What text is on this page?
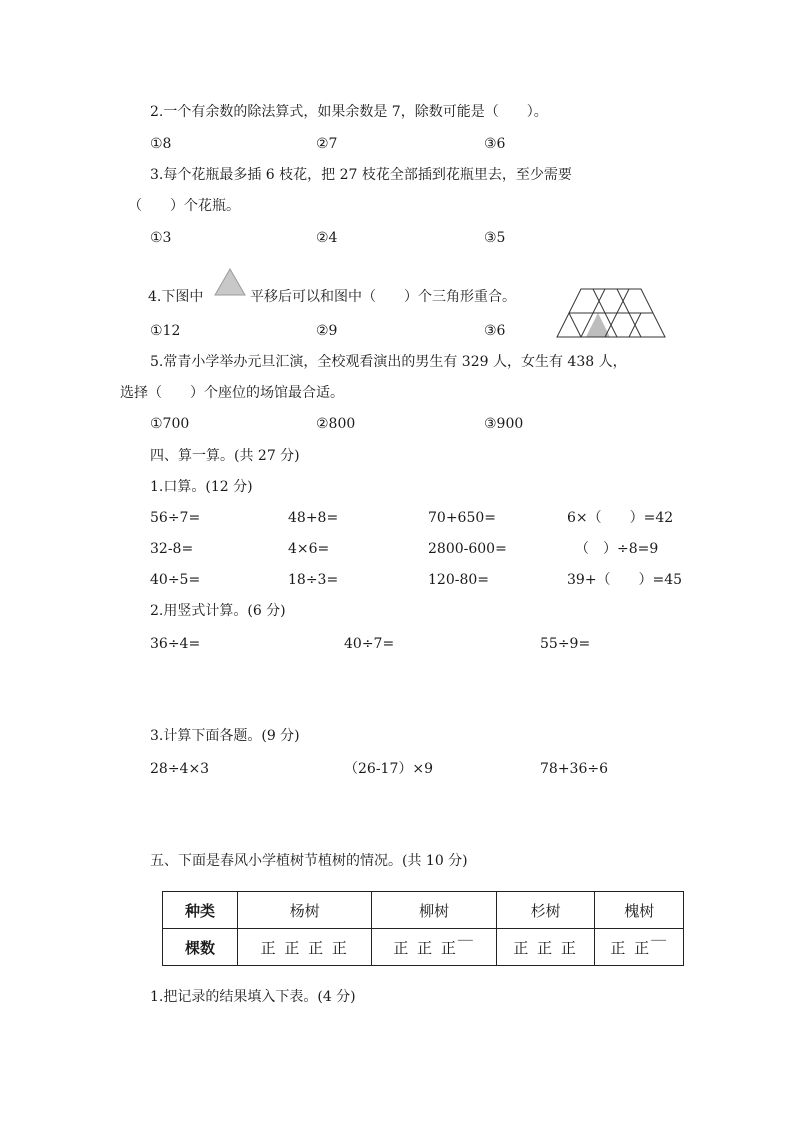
2.一个有余数的除法算式，如果余数是 7，除数可能是（　　）。
①8	②7	③6
3.每个花瓶最多插 6 枝花，把 27 枝花全部插到花瓶里去，至少需要
（　　）个花瓶。
①3	②4	③5
4.下图中	平移后可以和图中（　　）个三角形重合。
①12	②9	③6
5.常青小学举办元旦汇演，全校观看演出的男生有 329 人，女生有 438 人，
选择（　　）个座位的场馆最合适。
①700	②800	③900
四、算一算。(共 27 分)
1.口算。(12 分)
56÷7=	48+8=	70+650=	6×（　　）=42
32-8=	4×6=	2800-600=	（　）÷8=9
40÷5=	18÷3=	120-80=	39+（　　）=45
2.用竖式计算。(6 分)
36÷4=	40÷7=	55÷9=
3.计算下面各题。(9 分)
28÷4×3	（26-17）×9	78+36÷6
五、下面是春风小学植树节植树的情况。(共 10 分)
种类	杨树	柳树	杉树	槐树
棵数	正 正 正 正	正 正 正￣	正 正 正	正 正￣
1.把记录的结果填入下表。(4 分)
